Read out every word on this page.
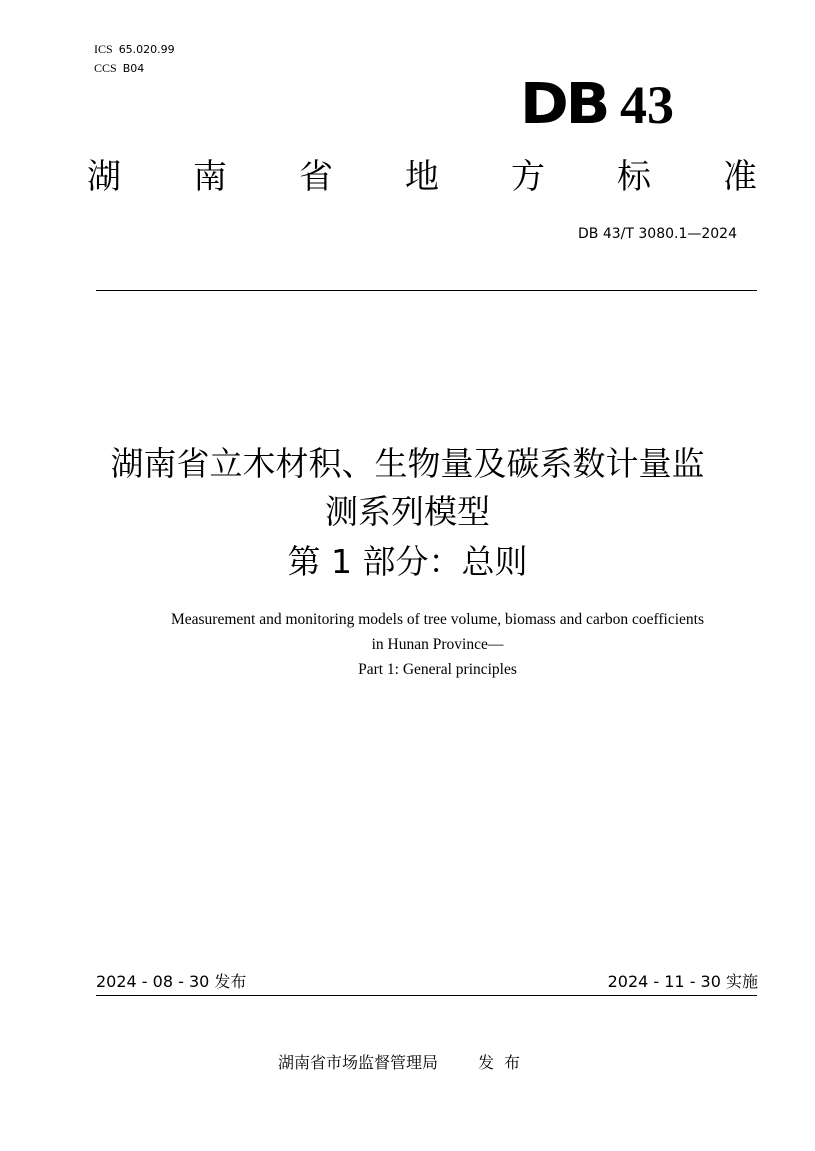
ICS 65.020.99
CCS B04
DB 43
湖 南 省 地 方 标 准
DB 43/T 3080.1—2024
湖南省立木材积、生物量及碳系数计量监
测系列模型
第 1 部分：总则
Measurement and monitoring models of tree volume, biomass and carbon coefficients
in Hunan Province—
Part 1: General principles
2024 - 08 - 30 发布	2024 - 11 - 30 实施
湖南省市场监督管理局	发布
